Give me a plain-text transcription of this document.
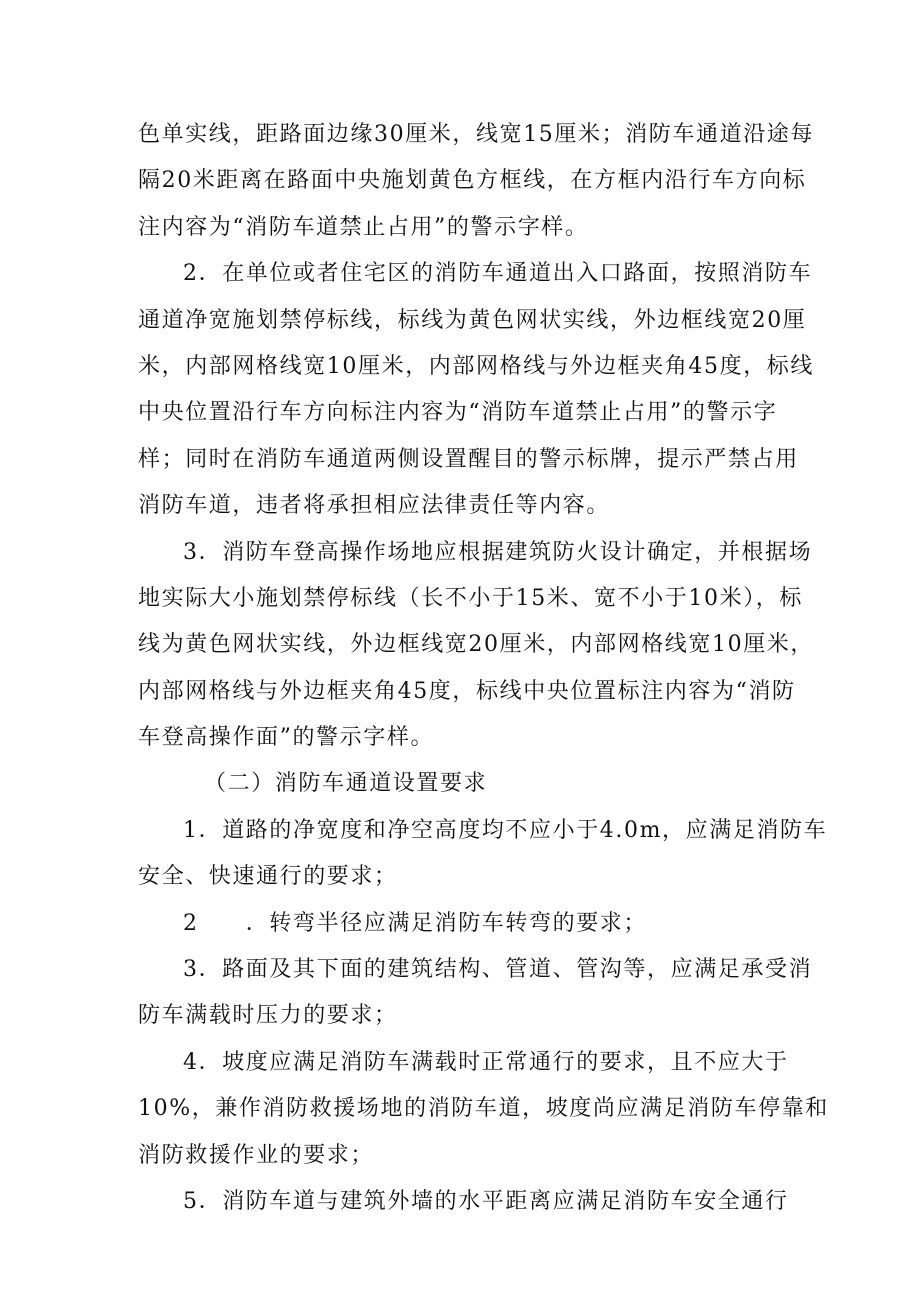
色单实线，距路面边缘30厘米，线宽15厘米；消防车通道沿途每
隔20米距离在路面中央施划黄色方框线，在方框内沿行车方向标
注内容为“消防车道禁止占用”的警示字样。
2．在单位或者住宅区的消防车通道出入口路面，按照消防车
通道净宽施划禁停标线，标线为黄色网状实线，外边框线宽20厘
米，内部网格线宽10厘米，内部网格线与外边框夹角45度，标线
中央位置沿行车方向标注内容为“消防车道禁止占用”的警示字
样；同时在消防车通道两侧设置醒目的警示标牌，提示严禁占用
消防车道，违者将承担相应法律责任等内容。
3．消防车登高操作场地应根据建筑防火设计确定，并根据场
地实际大小施划禁停标线（长不小于15米、宽不小于10米），标
线为黄色网状实线，外边框线宽20厘米，内部网格线宽10厘米，
内部网格线与外边框夹角45度，标线中央位置标注内容为“消防
车登高操作面”的警示字样。
（二）消防车通道设置要求
1．道路的净宽度和净空高度均不应小于4.0m，应满足消防车
安全、快速通行的要求；
2　　．转弯半径应满足消防车转弯的要求；
3．路面及其下面的建筑结构、管道、管沟等，应满足承受消
防车满载时压力的要求；
4．坡度应满足消防车满载时正常通行的要求，且不应大于
10%，兼作消防救援场地的消防车道，坡度尚应满足消防车停靠和
消防救援作业的要求；
5．消防车道与建筑外墙的水平距离应满足消防车安全通行
